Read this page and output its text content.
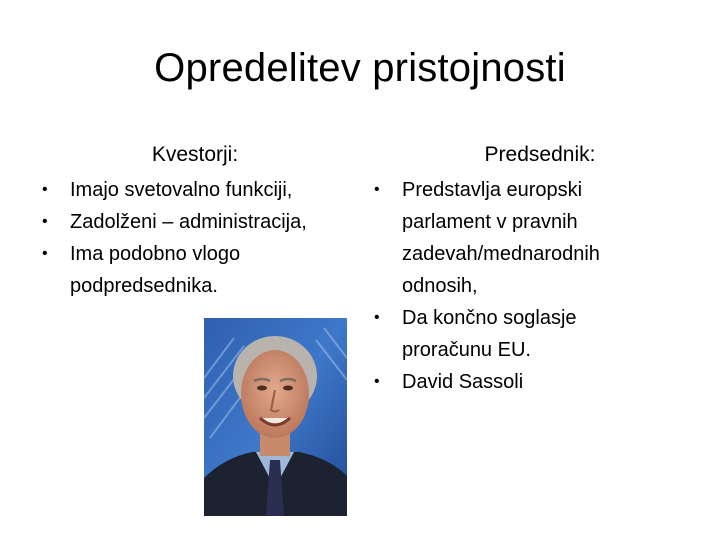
Opredelitev pristojnosti
Kvestorji:
• Imajo svetovalno funkciji,
• Zadolženi – administracija,
• Ima podobno vlogo podpredsednika.
Predsednik:
• Predstavlja europski parlament v pravnih zadevah/mednarodnih odnosih,
• Da končno soglasje proračunu EU.
• David Sassoli
